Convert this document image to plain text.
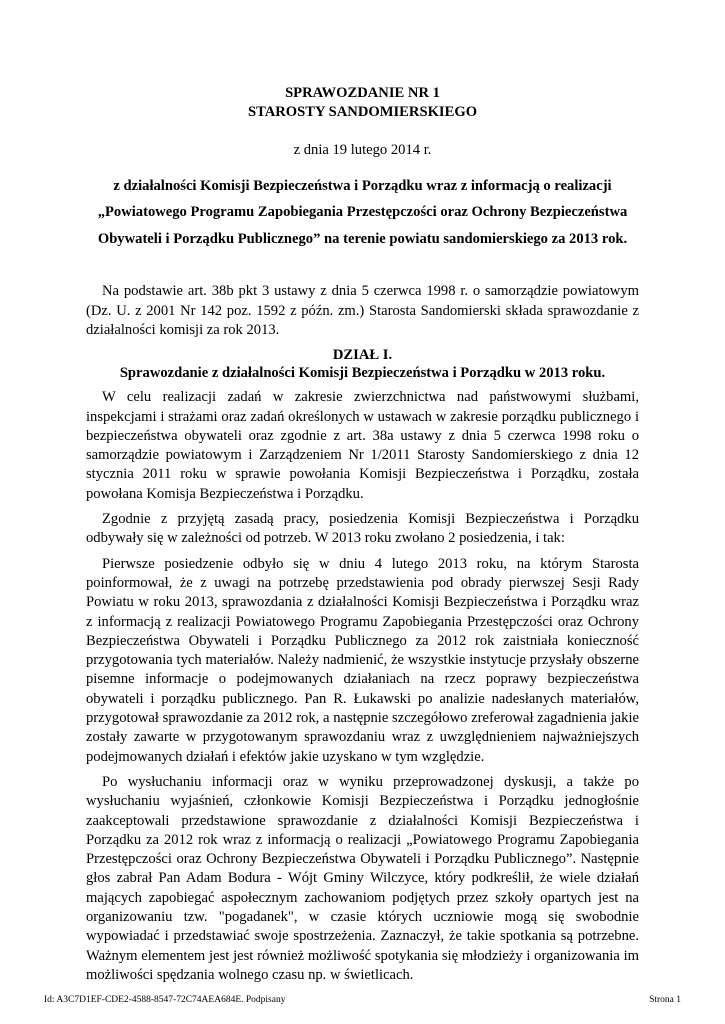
SPRAWOZDANIE NR 1

STAROSTY SANDOMIERSKIEGO

z dnia 19 lutego 2014 r.

z działalności Komisji Bezpieczeństwa i Porządku wraz z informacją o realizacji
„Powiatowego Programu Zapobiegania Przestępczości oraz Ochrony Bezpieczeństwa
Obywateli i Porządku Publicznego” na terenie powiatu sandomierskiego za 2013 rok.

Na podstawie art. 38b pkt 3 ustawy z dnia 5 czerwca 1998 r. o samorządzie powiatowym (Dz. U. z 2001 Nr 142 poz. 1592 z późn. zm.) Starosta Sandomierski składa sprawozdanie z działalności komisji za rok 2013.

DZIAŁ I.

Sprawozdanie z działalności Komisji Bezpieczeństwa i Porządku w 2013 roku.

W celu realizacji zadań w zakresie zwierzchnictwa nad państwowymi służbami, inspekcjami i strażami oraz zadań określonych w ustawach w zakresie porządku publicznego i bezpieczeństwa obywateli oraz zgodnie z art. 38a ustawy z dnia 5 czerwca 1998 roku o samorządzie powiatowym i Zarządzeniem Nr 1/2011 Starosty Sandomierskiego z dnia 12 stycznia 2011 roku w sprawie powołania Komisji Bezpieczeństwa i Porządku, została powołana Komisja Bezpieczeństwa i Porządku.

Zgodnie z przyjętą zasadą pracy, posiedzenia Komisji Bezpieczeństwa i Porządku odbywały się w zależności od potrzeb. W 2013 roku zwołano 2 posiedzenia, i tak:

Pierwsze posiedzenie odbyło się w dniu 4 lutego 2013 roku, na którym Starosta poinformował, że z uwagi na potrzebę przedstawienia pod obrady pierwszej Sesji Rady Powiatu w roku 2013, sprawozdania z działalności Komisji Bezpieczeństwa i Porządku wraz z informacją z realizacji Powiatowego Programu Zapobiegania Przestępczości oraz Ochrony Bezpieczeństwa Obywateli i Porządku Publicznego za 2012 rok zaistniała konieczność przygotowania tych materiałów. Należy nadmienić, że wszystkie instytucje przysłały obszerne pisemne informacje o podejmowanych działaniach na rzecz poprawy bezpieczeństwa obywateli i porządku publicznego. Pan R. Łukawski po analizie nadesłanych materiałów, przygotował sprawozdanie za 2012 rok, a następnie szczegółowo zreferował zagadnienia jakie zostały zawarte w przygotowanym sprawozdaniu wraz z uwzględnieniem najważniejszych podejmowanych działań i efektów jakie uzyskano w tym względzie.

Po wysłuchaniu informacji oraz w wyniku przeprowadzonej dyskusji, a także po wysłuchaniu wyjaśnień, członkowie Komisji Bezpieczeństwa i Porządku jednogłośnie zaakceptowali przedstawione sprawozdanie z działalności Komisji Bezpieczeństwa i Porządku za 2012 rok wraz z informacją o realizacji „Powiatowego Programu Zapobiegania Przestępczości oraz Ochrony Bezpieczeństwa Obywateli i Porządku Publicznego”. Następnie głos zabrał Pan Adam Bodura - Wójt Gminy Wilczyce, który podkreślił, że wiele działań mających zapobiegać aspołecznym zachowaniom podjętych przez szkoły opartych jest na organizowaniu tzw. "pogadanek", w czasie których uczniowie mogą się swobodnie wypowiadać i przedstawiać swoje spostrzeżenia. Zaznaczył, że takie spotkania są potrzebne. Ważnym elementem jest jest również możliwość spotykania się młodzieży i organizowania im możliwości spędzania wolnego czasu np. w świetlicach.

Id: A3C7D1EF-CDE2-4588-8547-72C74AEA684E. Podpisany	Strona 1
